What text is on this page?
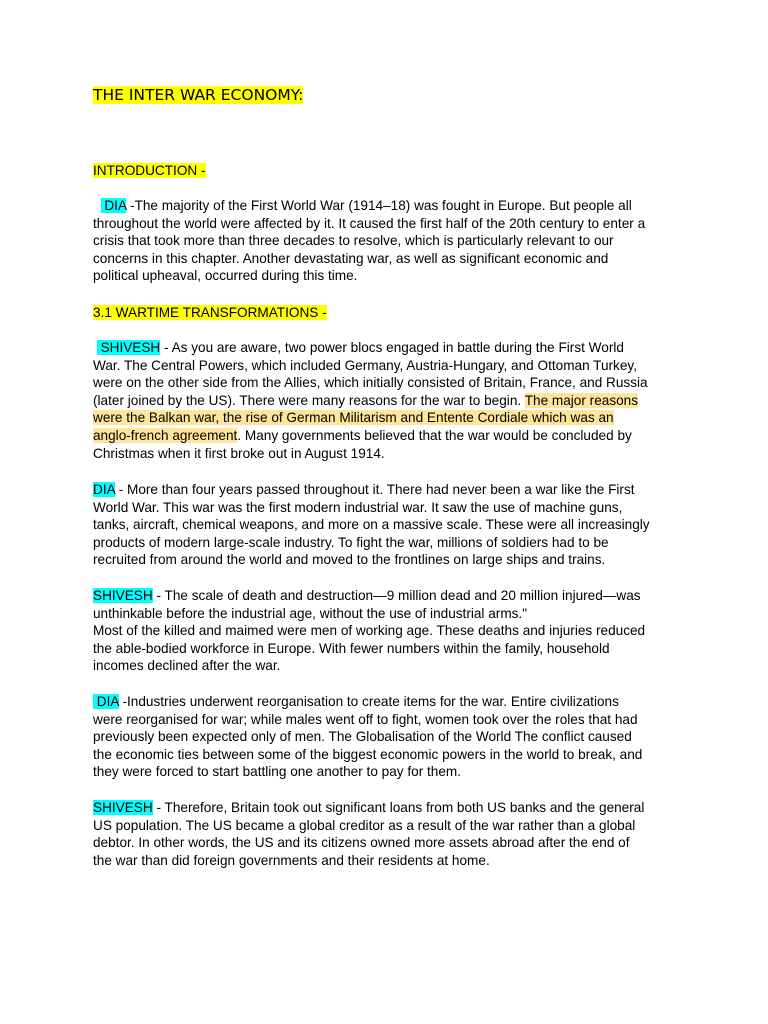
THE INTER WAR ECONOMY:
INTRODUCTION -
DIA -The majority of the First World War (1914–18) was fought in Europe. But people all
throughout the world were affected by it. It caused the first half of the 20th century to enter a
crisis that took more than three decades to resolve, which is particularly relevant to our
concerns in this chapter. Another devastating war, as well as significant economic and
political upheaval, occurred during this time.
3.1 WARTIME TRANSFORMATIONS -
SHIVESH - As you are aware, two power blocs engaged in battle during the First World
War. The Central Powers, which included Germany, Austria-Hungary, and Ottoman Turkey,
were on the other side from the Allies, which initially consisted of Britain, France, and Russia
(later joined by the US). There were many reasons for the war to begin. The major reasons
were the Balkan war, the rise of German Militarism and Entente Cordiale which was an
anglo-french agreement. Many governments believed that the war would be concluded by
Christmas when it first broke out in August 1914.
DIA - More than four years passed throughout it. There had never been a war like the First
World War. This war was the first modern industrial war. It saw the use of machine guns,
tanks, aircraft, chemical weapons, and more on a massive scale. These were all increasingly
products of modern large-scale industry. To fight the war, millions of soldiers had to be
recruited from around the world and moved to the frontlines on large ships and trains.
SHIVESH - The scale of death and destruction—9 million dead and 20 million injured—was
unthinkable before the industrial age, without the use of industrial arms."
Most of the killed and maimed were men of working age. These deaths and injuries reduced
the able-bodied workforce in Europe. With fewer numbers within the family, household
incomes declined after the war.
DIA -Industries underwent reorganisation to create items for the war. Entire civilizations
were reorganised for war; while males went off to fight, women took over the roles that had
previously been expected only of men. The Globalisation of the World The conflict caused
the economic ties between some of the biggest economic powers in the world to break, and
they were forced to start battling one another to pay for them.
SHIVESH - Therefore, Britain took out significant loans from both US banks and the general
US population. The US became a global creditor as a result of the war rather than a global
debtor. In other words, the US and its citizens owned more assets abroad after the end of
the war than did foreign governments and their residents at home.
